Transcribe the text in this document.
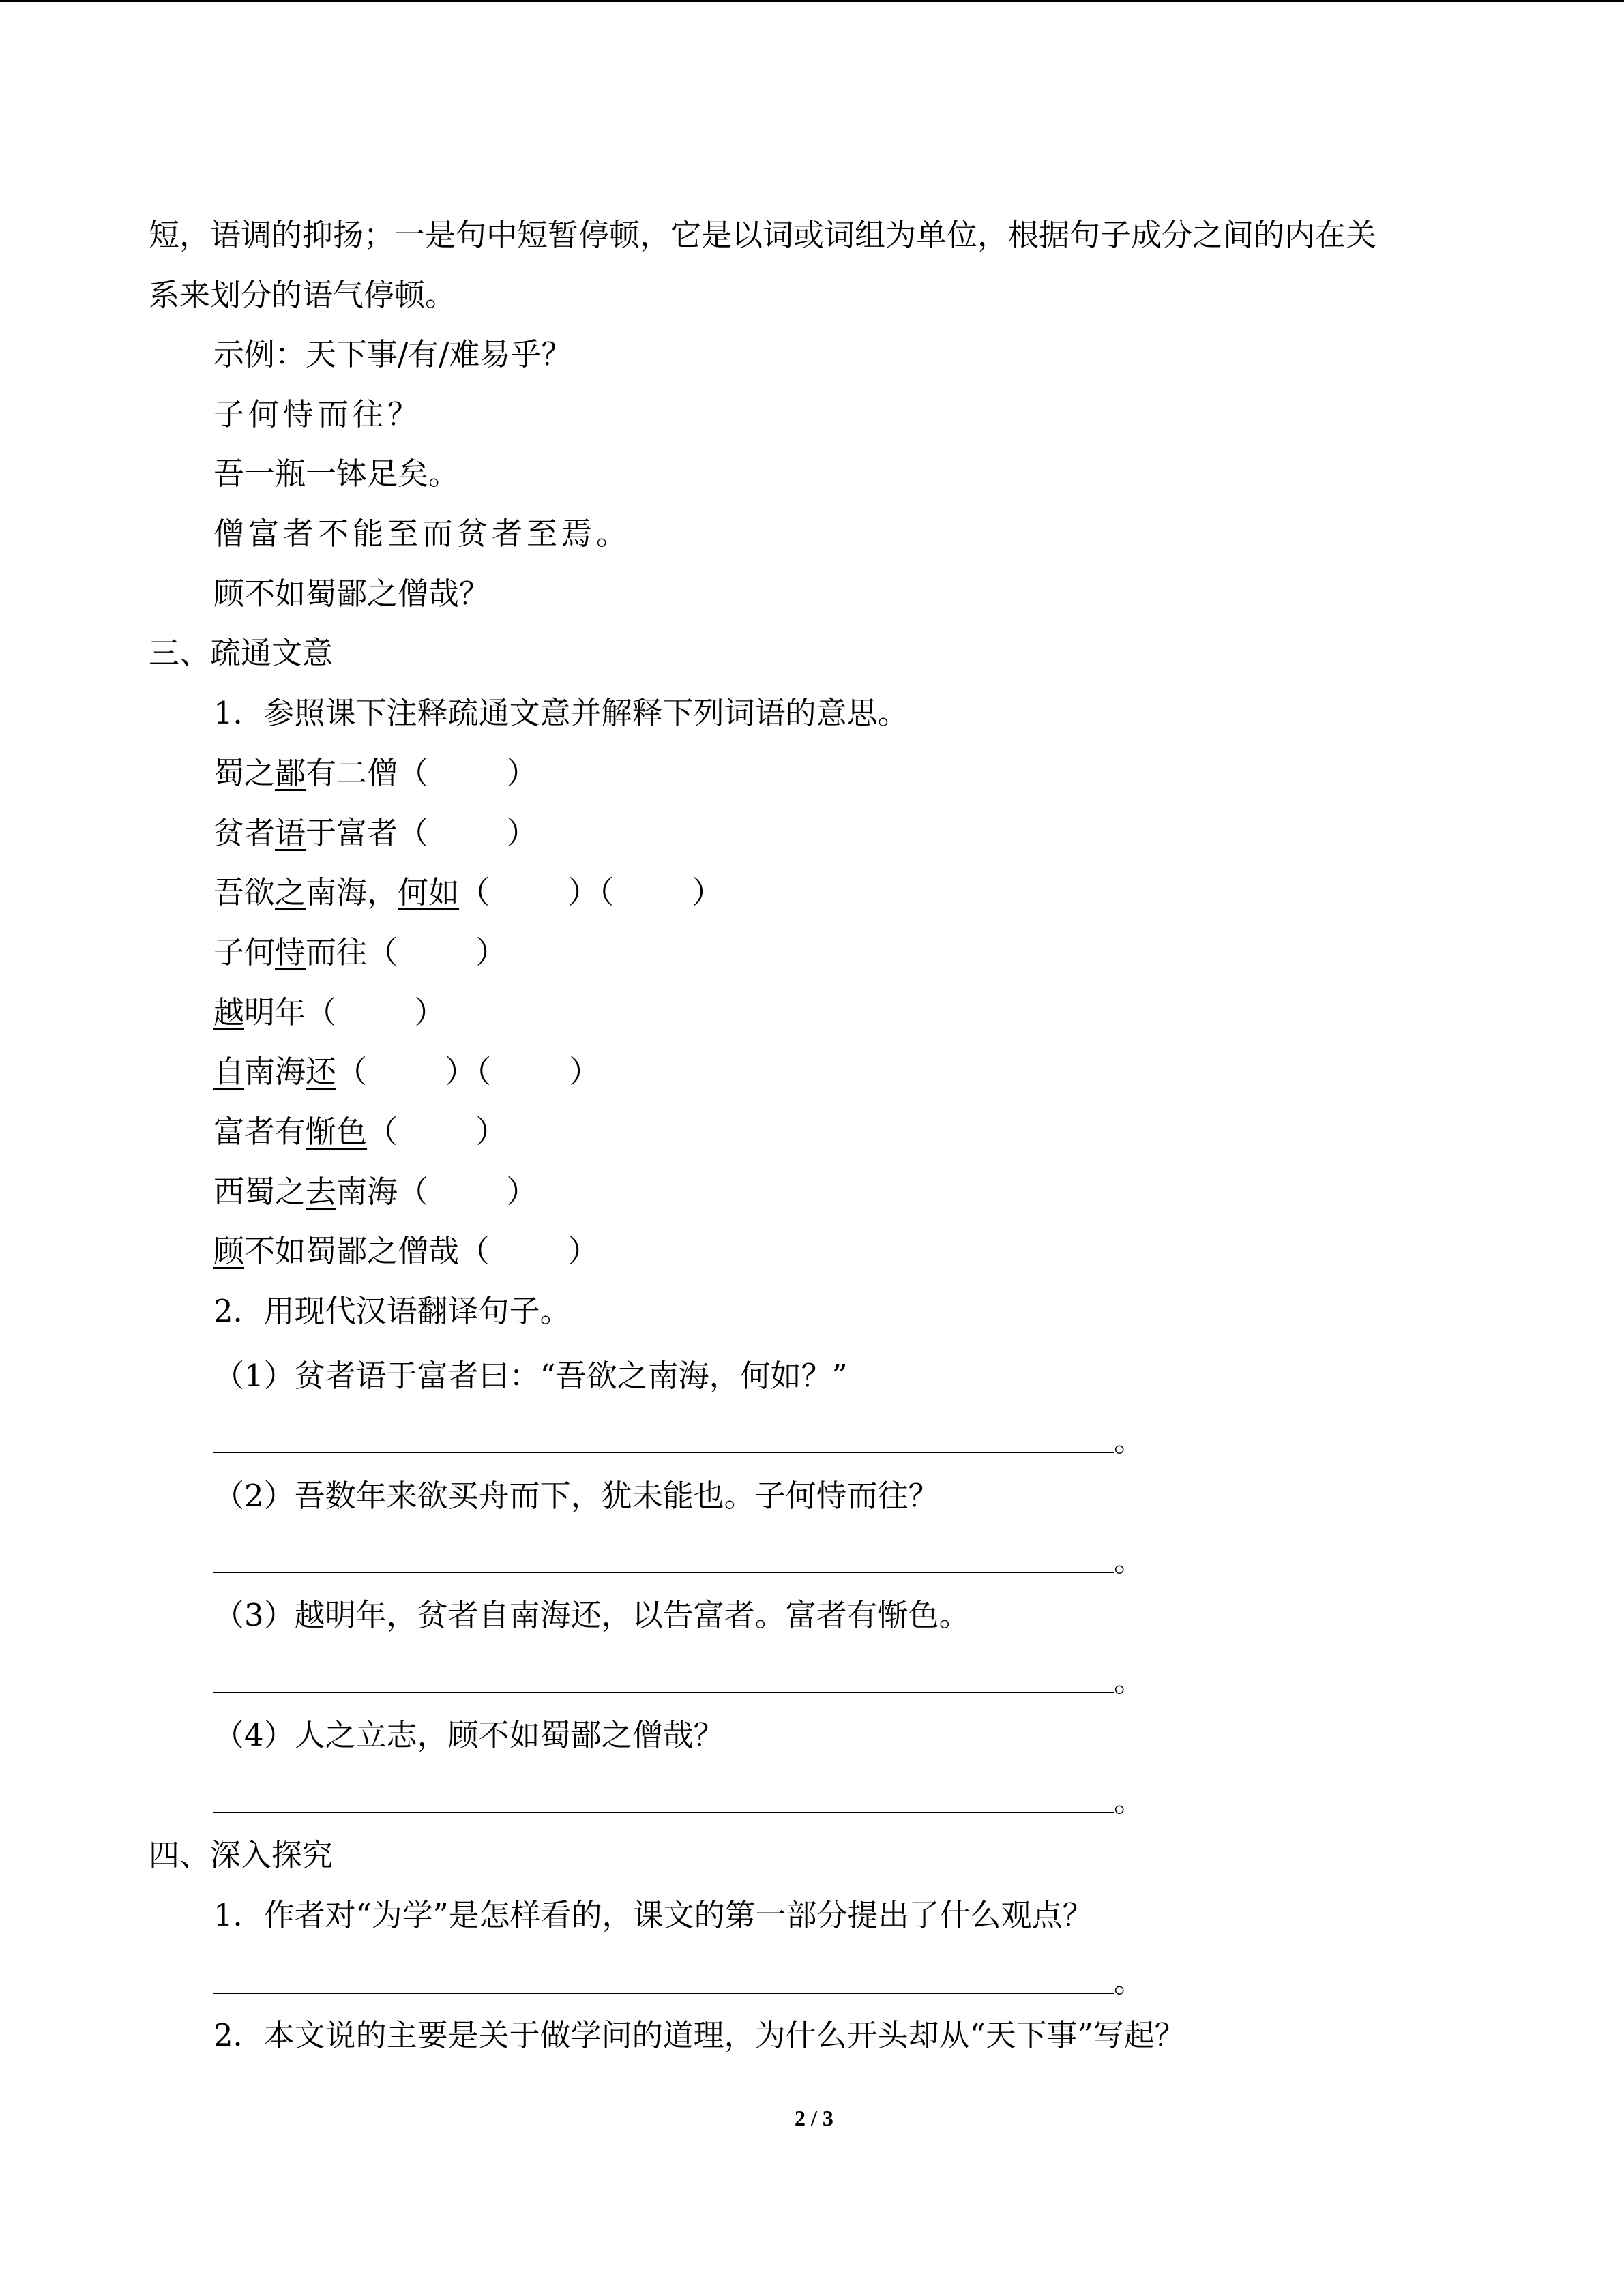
短，语调的抑扬；一是句中短暂停顿，它是以词或词组为单位，根据句子成分之间的内在关
系来划分的语气停顿。
示例：天下事/有/难易乎？
子何恃而往？
吾一瓶一钵足矣。
僧富者不能至而贫者至焉。
顾不如蜀鄙之僧哉？
三、疏通文意
1．参照课下注释疏通文意并解释下列词语的意思。
蜀之鄙有二僧（        ）
贫者语于富者（        ）
吾欲之南海，何如（        ）（        ）
子何恃而往（        ）
越明年（        ）
自南海还（        ）（        ）
富者有惭色（        ）
西蜀之去南海（        ）
顾不如蜀鄙之僧哉（        ）
2．用现代汉语翻译句子。
（1）贫者语于富者曰：“吾欲之南海，何如？”
。
（2）吾数年来欲买舟而下，犹未能也。子何恃而往？
。
（3）越明年，贫者自南海还，以告富者。富者有惭色。
。
（4）人之立志，顾不如蜀鄙之僧哉？
。
四、深入探究
1．作者对“为学”是怎样看的，课文的第一部分提出了什么观点？
。
2．本文说的主要是关于做学问的道理，为什么开头却从“天下事”写起？
2 / 3
